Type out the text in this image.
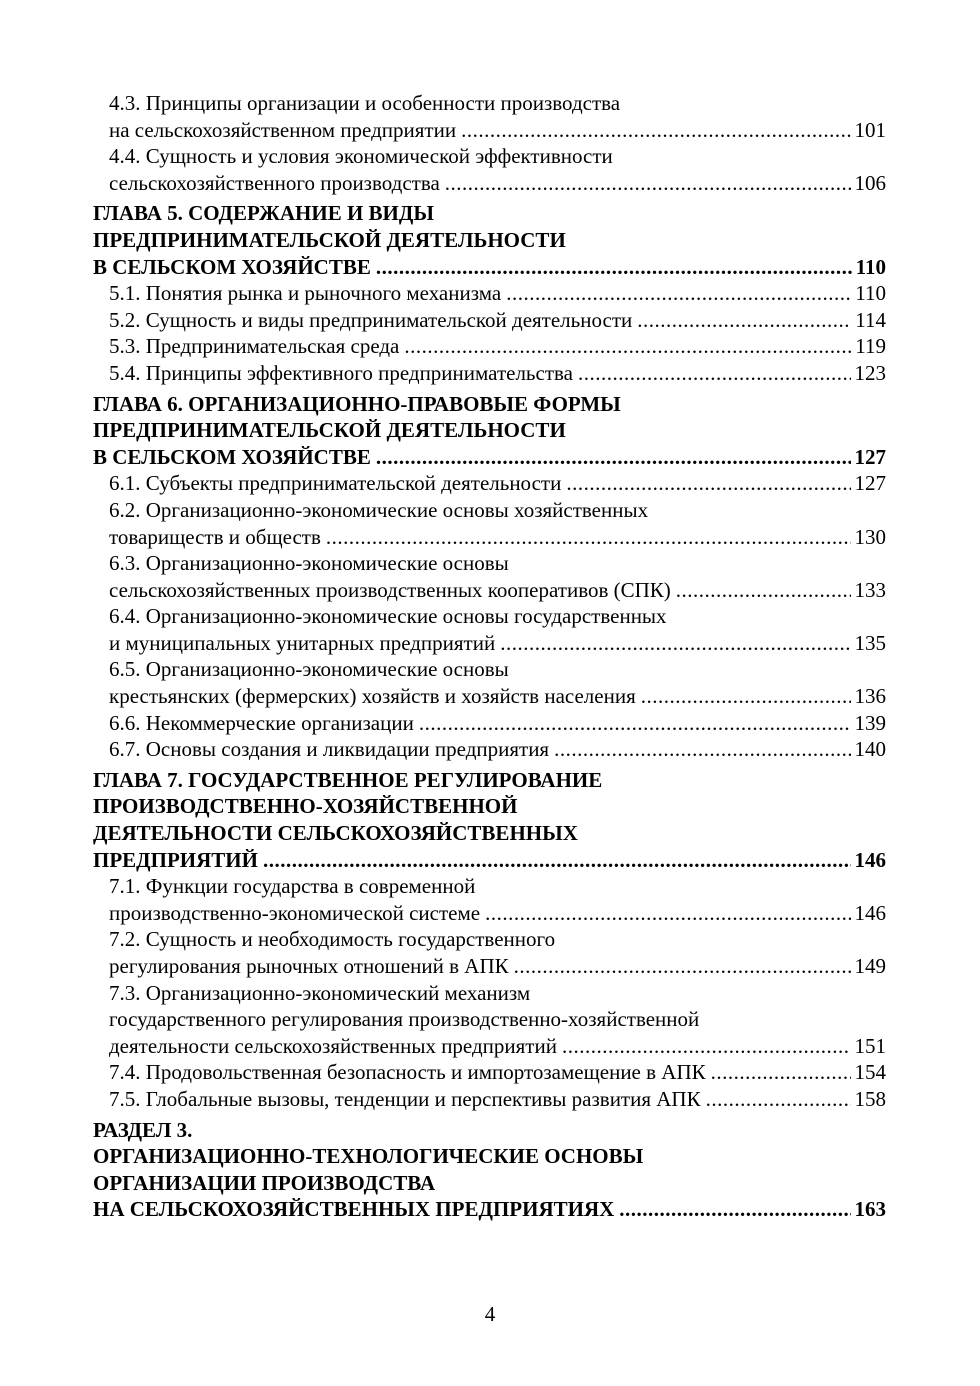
4.3. Принципы организации и особенности производства
на сельскохозяйственном предприятии .....	101
4.4. Сущность и условия экономической эффективности
сельскохозяйственного производства .....	106
ГЛАВА 5. СОДЕРЖАНИЕ И ВИДЫ
ПРЕДПРИНИМАТЕЛЬСКОЙ ДЕЯТЕЛЬНОСТИ
В СЕЛЬСКОМ ХОЗЯЙСТВЕ .....	110
5.1. Понятия рынка и рыночного механизма .....	110
5.2. Сущность и виды предпринимательской деятельности .....	114
5.3. Предпринимательская среда .....	119
5.4. Принципы эффективного предпринимательства .....	123
ГЛАВА 6. ОРГАНИЗАЦИОННО-ПРАВОВЫЕ ФОРМЫ
ПРЕДПРИНИМАТЕЛЬСКОЙ ДЕЯТЕЛЬНОСТИ
В СЕЛЬСКОМ ХОЗЯЙСТВЕ .....	127
6.1. Субъекты предпринимательской деятельности .....	127
6.2. Организационно-экономические основы хозяйственных
товариществ и обществ .....	130
6.3. Организационно-экономические основы
сельскохозяйственных производственных кооперативов (СПК) .....	133
6.4. Организационно-экономические основы государственных
и муниципальных унитарных предприятий .....	135
6.5. Организационно-экономические основы
крестьянских (фермерских) хозяйств и хозяйств населения .....	136
6.6. Некоммерческие организации .....	139
6.7. Основы создания и ликвидации предприятия .....	140
ГЛАВА 7. ГОСУДАРСТВЕННОЕ РЕГУЛИРОВАНИЕ
ПРОИЗВОДСТВЕННО-ХОЗЯЙСТВЕННОЙ
ДЕЯТЕЛЬНОСТИ СЕЛЬСКОХОЗЯЙСТВЕННЫХ
ПРЕДПРИЯТИЙ .....	146
7.1. Функции государства в современной
производственно-экономической системе .....	146
7.2. Сущность и необходимость государственного
регулирования рыночных отношений в АПК .....	149
7.3. Организационно-экономический механизм
государственного регулирования производственно-хозяйственной
деятельности сельскохозяйственных предприятий .....	151
7.4. Продовольственная безопасность и импортозамещение в АПК .....	154
7.5. Глобальные вызовы, тенденции и перспективы развития АПК .....	158
РАЗДЕЛ 3.
ОРГАНИЗАЦИОННО-ТЕХНОЛОГИЧЕСКИЕ ОСНОВЫ
ОРГАНИЗАЦИИ ПРОИЗВОДСТВА
НА СЕЛЬСКОХОЗЯЙСТВЕННЫХ ПРЕДПРИЯТИЯХ .....	163
4
